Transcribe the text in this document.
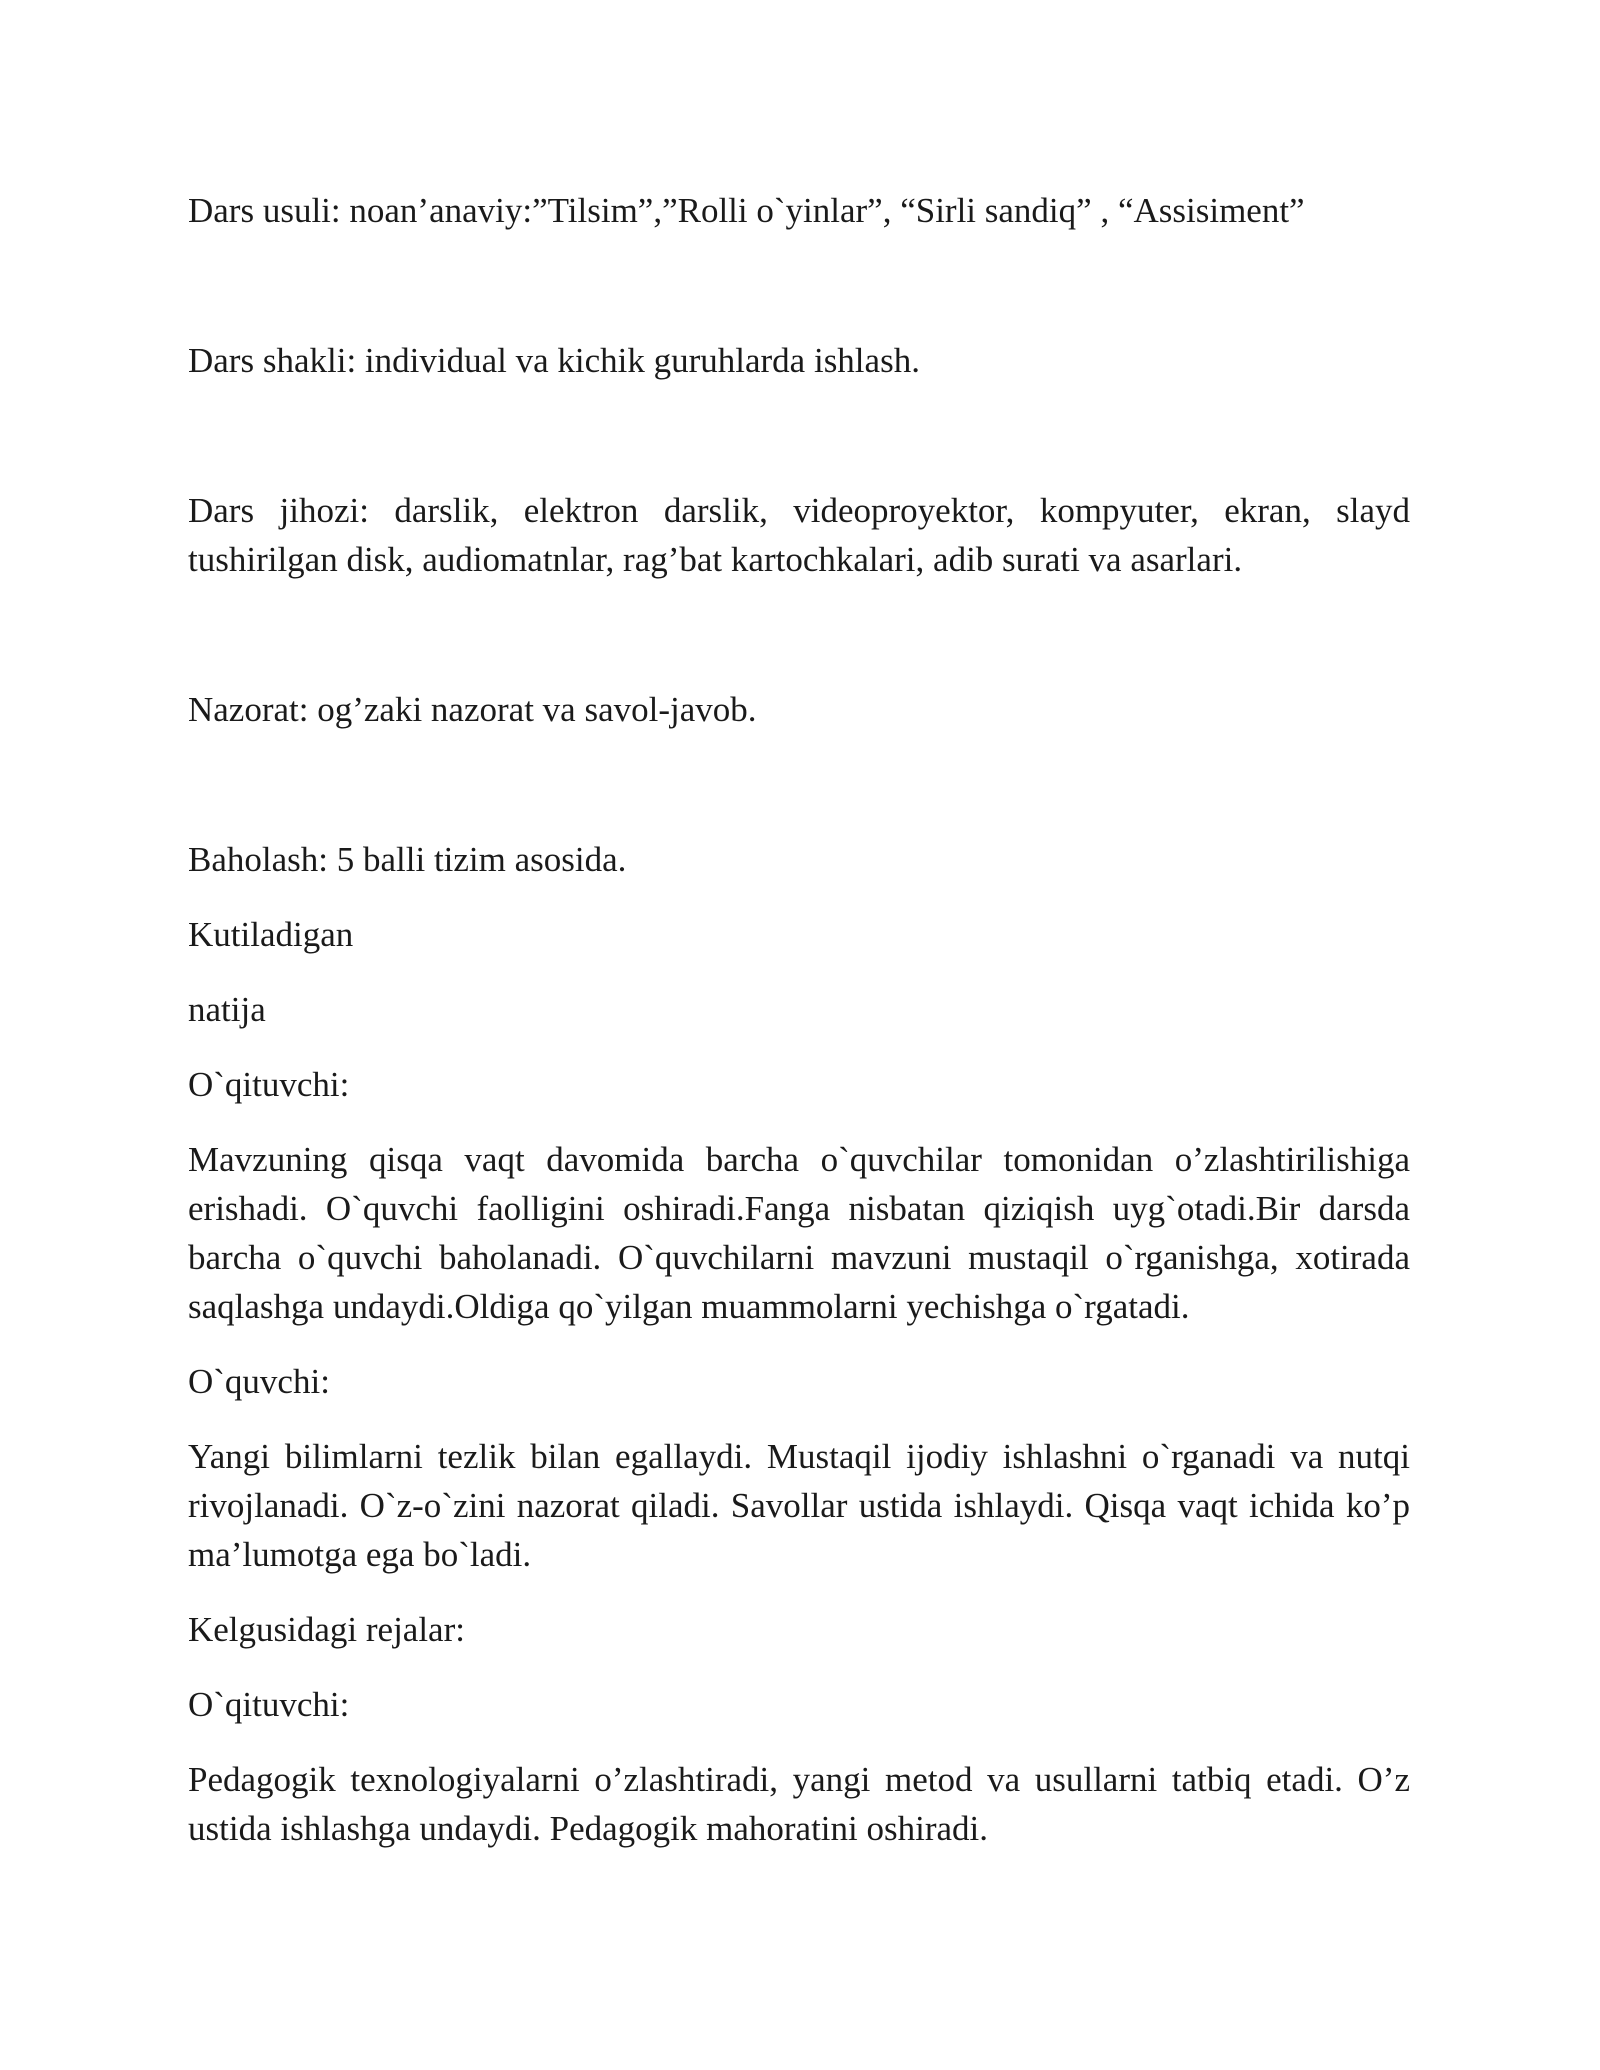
Dars usuli: noan’anaviy:”Tilsim”,”Rolli o`yinlar”, “Sirli sandiq” , “Assisiment”

Dars shakli: individual va kichik guruhlarda ishlash.

Dars jihozi: darslik, elektron darslik, videoproyektor, kompyuter, ekran, slayd tushirilgan disk, audiomatnlar, rag’bat kartochkalari, adib surati va asarlari.

Nazorat: og’zaki nazorat va savol-javob.

Baholash: 5 balli tizim asosida.

Kutiladigan

natija

O`qituvchi:

Mavzuning qisqa vaqt davomida barcha o`quvchilar tomonidan o’zlashtirilishiga erishadi. O`quvchi faolligini oshiradi.Fanga nisbatan qiziqish uyg`otadi.Bir darsda barcha o`quvchi baholanadi. O`quvchilarni mavzuni mustaqil o`rganishga, xotirada saqlashga undaydi.Oldiga qo`yilgan muammolarni yechishga o`rgatadi.

O`quvchi:

Yangi bilimlarni tezlik bilan egallaydi. Mustaqil ijodiy ishlashni o`rganadi va nutqi rivojlanadi. O`z-o`zini nazorat qiladi. Savollar ustida ishlaydi. Qisqa vaqt ichida ko’p ma’lumotga ega bo`ladi.

Kelgusidagi rejalar:

O`qituvchi:

Pedagogik texnologiyalarni o’zlashtiradi, yangi metod va usullarni tatbiq etadi. O’z ustida ishlashga undaydi. Pedagogik mahoratini oshiradi.
